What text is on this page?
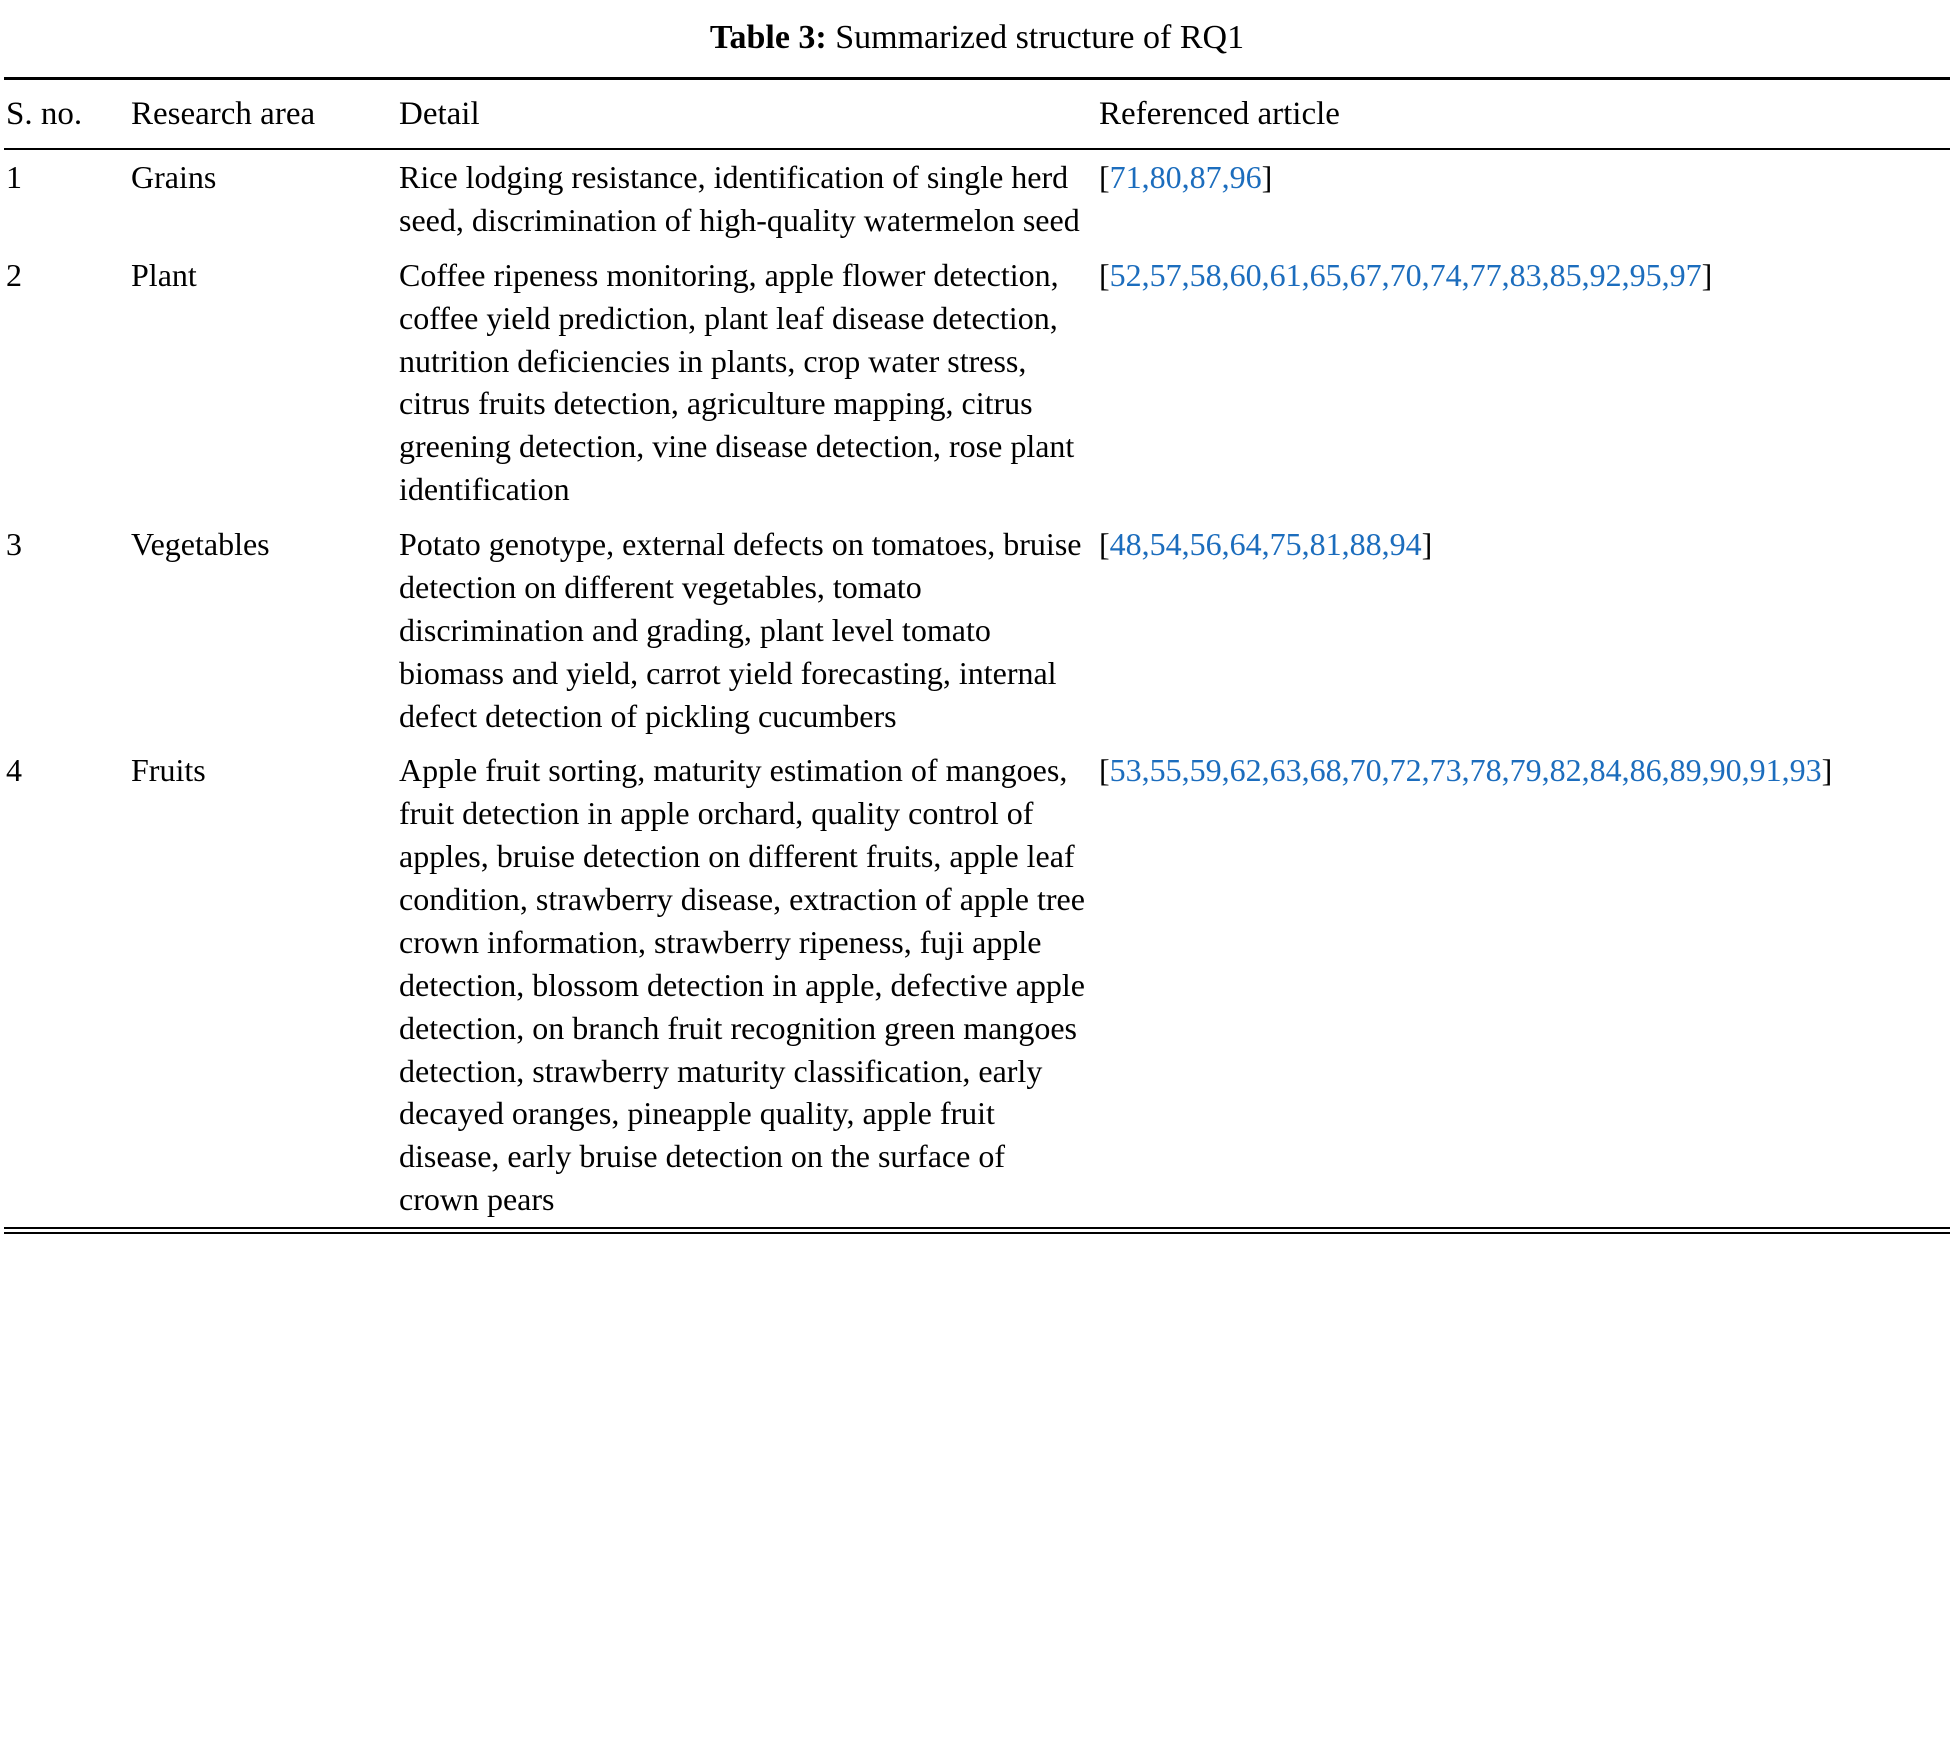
Table 3: Summarized structure of RQ1
S. no.	Research area	Detail	Referenced article
1	Grains	Rice lodging resistance, identification of single herd seed, discrimination of high-quality watermelon seed	[71,80,87,96]
2	Plant	Coffee ripeness monitoring, apple flower detection, coffee yield prediction, plant leaf disease detection, nutrition deficiencies in plants, crop water stress, citrus fruits detection, agriculture mapping, citrus greening detection, vine disease detection, rose plant identification	[52,57,58,60,61,65,67,70,74,77,83,85,92,95,97]
3	Vegetables	Potato genotype, external defects on tomatoes, bruise detection on different vegetables, tomato discrimination and grading, plant level tomato biomass and yield, carrot yield forecasting, internal defect detection of pickling cucumbers	[48,54,56,64,75,81,88,94]
4	Fruits	Apple fruit sorting, maturity estimation of mangoes, fruit detection in apple orchard, quality control of apples, bruise detection on different fruits, apple leaf condition, strawberry disease, extraction of apple tree crown information, strawberry ripeness, fuji apple detection, blossom detection in apple, defective apple detection, on branch fruit recognition green mangoes detection, strawberry maturity classification, early decayed oranges, pineapple quality, apple fruit disease, early bruise detection on the surface of crown pears	[53,55,59,62,63,68,70,72,73,78,79,82,84,86,89,90,91,93]
